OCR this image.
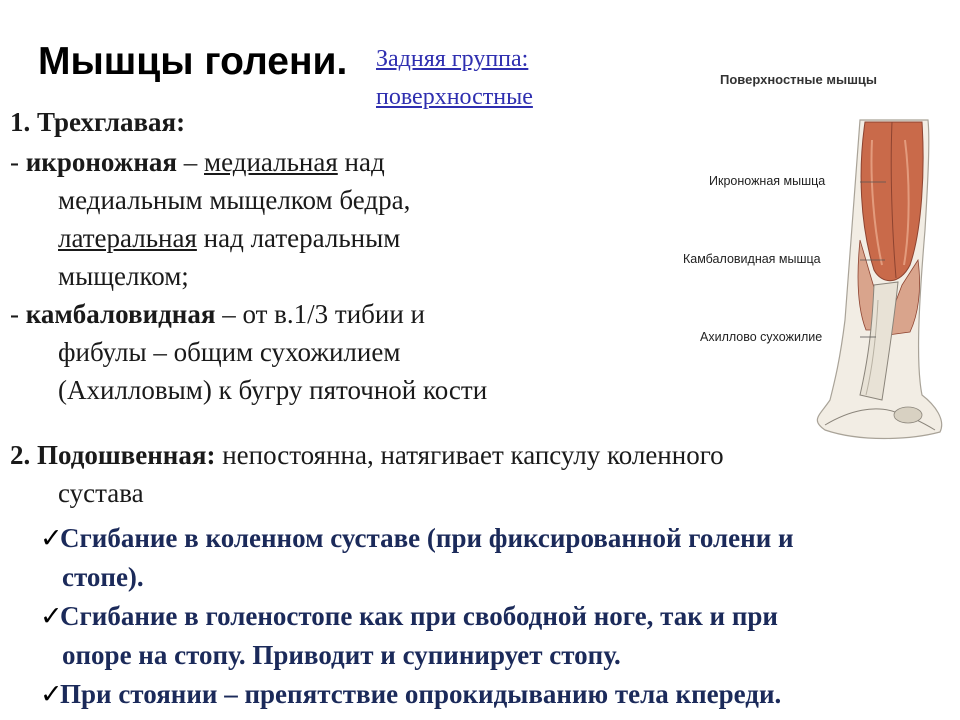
Мышцы голени. Задняя группа:
поверхностные
Поверхностные мышцы
Икроножная мышца
Камбаловидная мышца
Ахиллово сухожилие
1. Трехглавая:
- икроножная – медиальная над
медиальным мыщелком бедра,
латеральная над латеральным
мыщелком;
- камбаловидная – от в.1/3 тибии и
фибулы – общим сухожилием
(Ахилловым) к бугру пяточной кости
2. Подошвенная: непостоянна, натягивает капсулу коленного
сустава
✓Сгибание в коленном суставе (при фиксированной голени и
стопе).
✓Сгибание в голеностопе как при свободной ноге, так и при
опоре на стопу. Приводит и супинирует стопу.
✓При стоянии – препятствие опрокидыванию тела кпереди.
